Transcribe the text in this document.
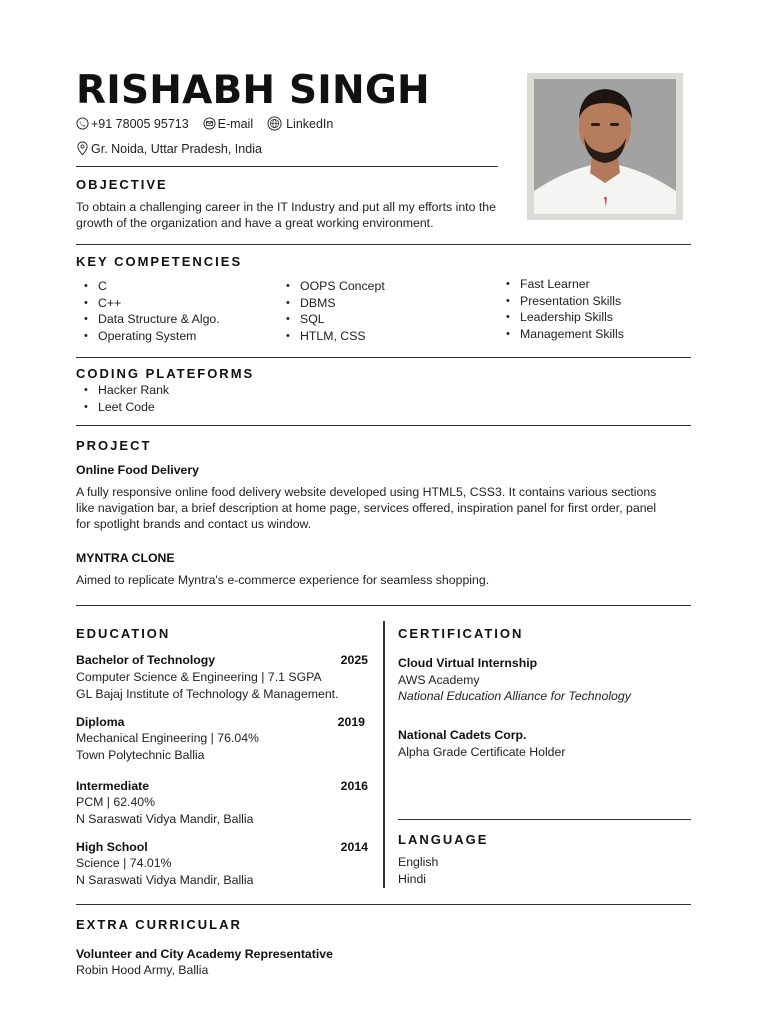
RISHABH SINGH
+91 78005 95713 E-mail	LinkedIn
Gr. Noida, Uttar Pradesh, India
OBJECTIVE

To obtain a challenging career in the IT Industry and put all my efforts into the

growth of the organization and have a great working environment.

KEY COMPETENCIES
• C
• C++
• Data Structure & Algo.
• Operating System
• OOPS Concept
• DBMS
• SQL
• HTLM, CSS
• Fast Learner
• Presentation Skills
• Leadership Skills
• Management Skills
CODING PLATEFORMS
• Hacker Rank
• Leet Code
PROJECT
Online Food Delivery

A fully responsive online food delivery website developed using HTML5, CSS3. It contains various sections

like navigation bar, a brief description at home page, services offered, inspiration panel for first order, panel

for spotlight brands and contact us window.

MYNTRA CLONE

Aimed to replicate Myntra's e-commerce experience for seamless shopping.

EDUCATION
Bachelor of Technology	2025
Computer Science & Engineering | 7.1 SGPA
GL Bajaj Institute of Technology & Management.
Diploma	2019
Mechanical Engineering | 76.04%
Town Polytechnic Ballia
Intermediate	2016
PCM | 62.40%
N Saraswati Vidya Mandir, Ballia
High School	2014
Science | 74.01%
N Saraswati Vidya Mandir, Ballia
CERTIFICATION
Cloud Virtual Internship
AWS Academy
National Education Alliance for Technology
National Cadets Corp.
Alpha Grade Certificate Holder
LANGUAGE
English
Hindi
EXTRA CURRICULAR
Volunteer and City Academy Representative
Robin Hood Army, Ballia
